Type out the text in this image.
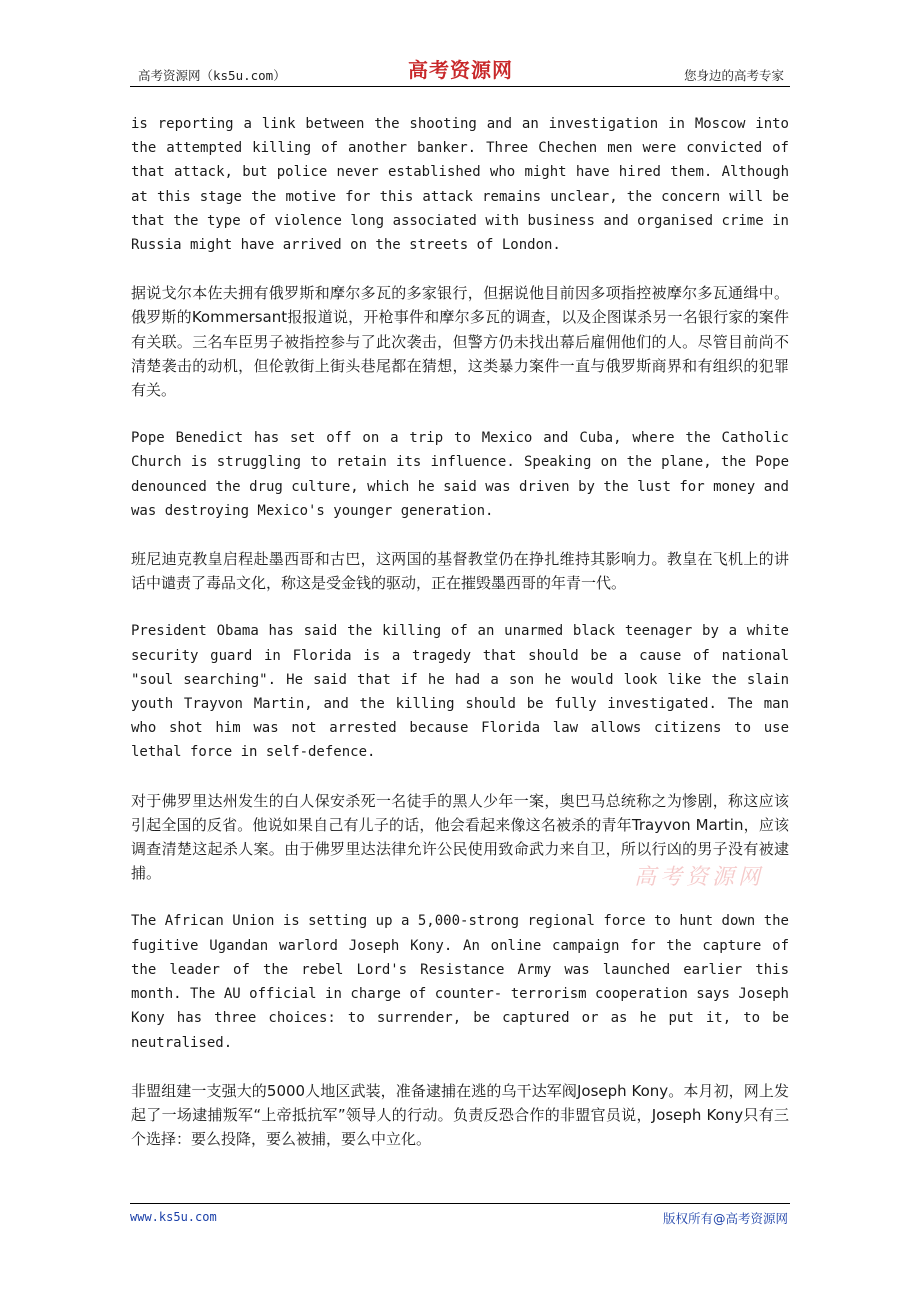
高考资源网（ks5u.com）	高考资源网	您身边的高考专家

is reporting a link between the shooting and an investigation in Moscow into the attempted killing of another banker. Three Chechen men were convicted of that attack, but police never established who might have hired them. Although at this stage the motive for this attack remains unclear, the concern will be that the type of violence long associated with business and organised crime in Russia might have arrived on the streets of London.

据说戈尔本佐夫拥有俄罗斯和摩尔多瓦的多家银行，但据说他目前因多项指控被摩尔多瓦通缉中。俄罗斯的Kommersant报报道说，开枪事件和摩尔多瓦的调查，以及企图谋杀另一名银行家的案件有关联。三名车臣男子被指控参与了此次袭击，但警方仍未找出幕后雇佣他们的人。尽管目前尚不清楚袭击的动机，但伦敦街上街头巷尾都在猜想，这类暴力案件一直与俄罗斯商界和有组织的犯罪有关。

Pope Benedict has set off on a trip to Mexico and Cuba, where the Catholic Church is struggling to retain its influence. Speaking on the plane, the Pope denounced the drug culture, which he said was driven by the lust for money and was destroying Mexico's younger generation.

班尼迪克教皇启程赴墨西哥和古巴，这两国的基督教堂仍在挣扎维持其影响力。教皇在飞机上的讲话中谴责了毒品文化，称这是受金钱的驱动，正在摧毁墨西哥的年青一代。

President Obama has said the killing of an unarmed black teenager by a white security guard in Florida is a tragedy that should be a cause of national "soul searching". He said that if he had a son he would look like the slain youth Trayvon Martin, and the killing should be fully investigated. The man who shot him was not arrested because Florida law allows citizens to use lethal force in self-defence.

对于佛罗里达州发生的白人保安杀死一名徒手的黑人少年一案，奥巴马总统称之为惨剧，称这应该引起全国的反省。他说如果自己有儿子的话，他会看起来像这名被杀的青年Trayvon Martin，应该调查清楚这起杀人案。由于佛罗里达法律允许公民使用致命武力来自卫，所以行凶的男子没有被逮捕。

The African Union is setting up a 5,000-strong regional force to hunt down the fugitive Ugandan warlord Joseph Kony. An online campaign for the capture of the leader of the rebel Lord's Resistance Army was launched earlier this month. The AU official in charge of counter- terrorism cooperation says Joseph Kony has three choices: to surrender, be captured or as he put it, to be neutralised.

非盟组建一支强大的5000人地区武装，准备逮捕在逃的乌干达军阀Joseph Kony。本月初，网上发起了一场逮捕叛军“上帝抵抗军”领导人的行动。负责反恐合作的非盟官员说，Joseph Kony只有三个选择：要么投降，要么被捕，要么中立化。

高考资源网
www.ks5u.com	版权所有@高考资源网
